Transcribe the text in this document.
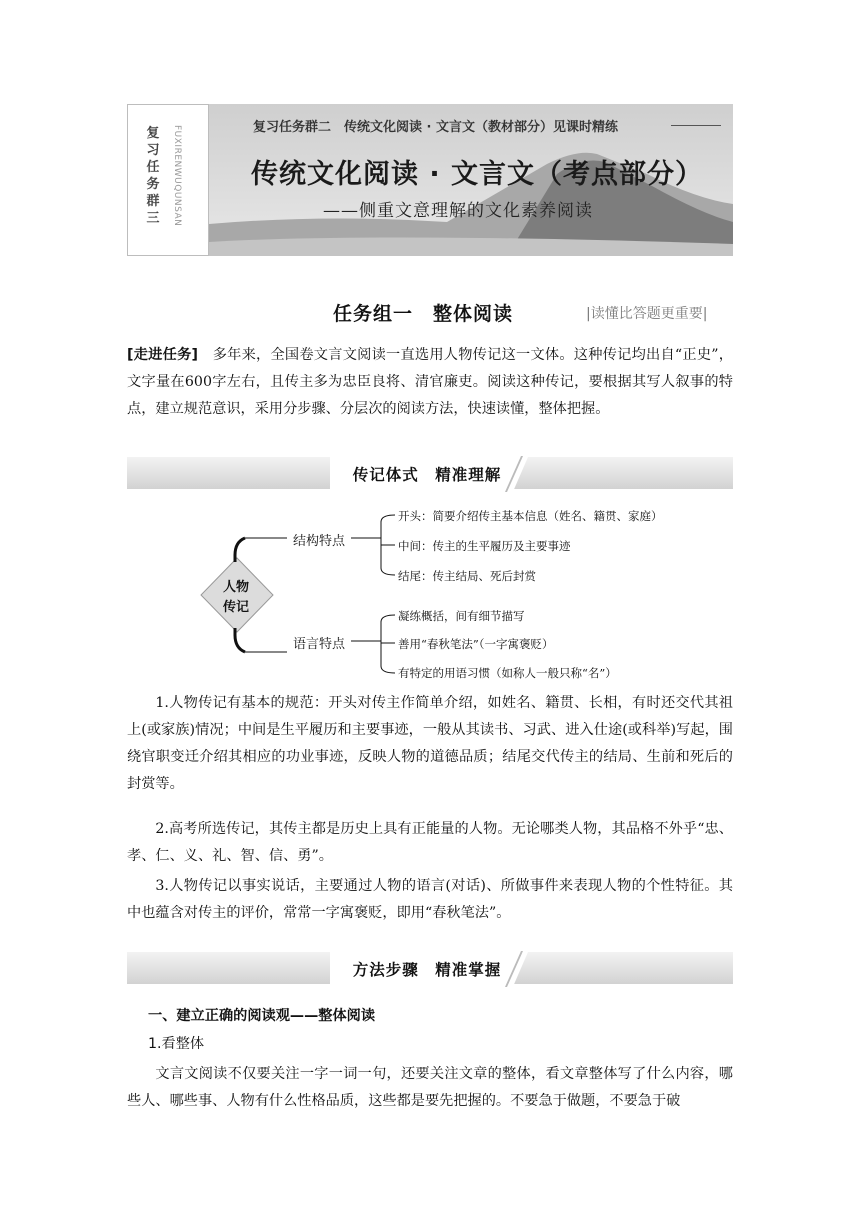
复习任务群三	FUXIRENWUQUNSAN	复习任务群二　传统文化阅读 · 文言文（教材部分）见课时精练
传统文化阅读 · 文言文（考点部分）
——侧重文意理解的文化素养阅读
任务组一　整体阅读	|读懂比答题更重要|
[走进任务]　多年来，全国卷文言文阅读一直选用人物传记这一文体。这种传记均出自“正史”，文字量在600字左右，且传主多为忠臣良将、清官廉吏。阅读这种传记，要根据其写人叙事的特点，建立规范意识，采用分步骤、分层次的阅读方法，快速读懂，整体把握。
传记体式　精准理解
人物
传记
结构特点
语言特点
开头：简要介绍传主基本信息（姓名、籍贯、家庭）
中间：传主的生平履历及主要事迹
结尾：传主结局、死后封赏
凝练概括，间有细节描写
善用“春秋笔法”（一字寓褒贬）
有特定的用语习惯（如称人一般只称“名”）
1.人物传记有基本的规范：开头对传主作简单介绍，如姓名、籍贯、长相，有时还交代其祖上(或家族)情况；中间是生平履历和主要事迹，一般从其读书、习武、进入仕途(或科举)写起，围绕官职变迁介绍其相应的功业事迹，反映人物的道德品质；结尾交代传主的结局、生前和死后的封赏等。
2.高考所选传记，其传主都是历史上具有正能量的人物。无论哪类人物，其品格不外乎“忠、孝、仁、义、礼、智、信、勇”。
3.人物传记以事实说话，主要通过人物的语言(对话)、所做事件来表现人物的个性特征。其中也蕴含对传主的评价，常常一字寓褒贬，即用“春秋笔法”。
方法步骤　精准掌握
一、建立正确的阅读观——整体阅读
1.看整体
文言文阅读不仅要关注一字一词一句，还要关注文章的整体，看文章整体写了什么内容，哪些人、哪些事、人物有什么性格品质，这些都是要先把握的。不要急于做题，不要急于破
